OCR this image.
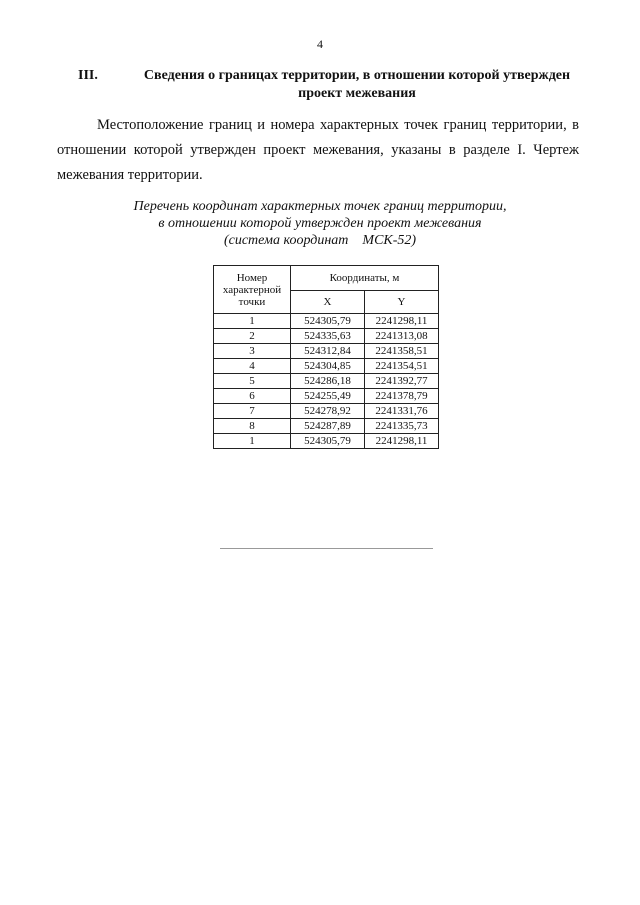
4
III.	Сведения о границах территории, в отношении которой утвержден
проект межевания
Местоположение границ и номера характерных точек границ территории, в отношении которой утвержден проект межевания, указаны в разделе I. Чертеж межевания территории.
Перечень координат характерных точек границ территории,
в отношении которой утвержден проект межевания
(система координат    МСК-52)
Номер характерной точки	Координаты, м	
	X	Y
1	524305,79	2241298,11
2	524335,63	2241313,08
3	524312,84	2241358,51
4	524304,85	2241354,51
5	524286,18	2241392,77
6	524255,49	2241378,79
7	524278,92	2241331,76
8	524287,89	2241335,73
1	524305,79	2241298,11
